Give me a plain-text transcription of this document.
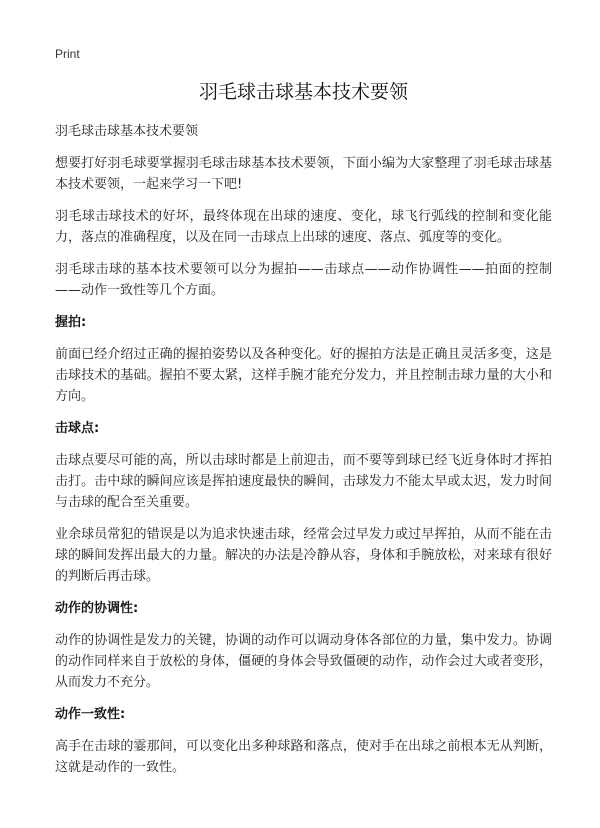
Print
羽毛球击球基本技术要领
羽毛球击球基本技术要领

想要打好羽毛球要掌握羽毛球击球基本技术要领，下面小编为大家整理了羽毛球击球基本技术要领，一起来学习一下吧!

羽毛球击球技术的好坏，最终体现在出球的速度、变化，球飞行弧线的控制和变化能力，落点的准确程度，以及在同一击球点上出球的速度、落点、弧度等的变化。

羽毛球击球的基本技术要领可以分为握拍——击球点——动作协调性——拍面的控制——动作一致性等几个方面。

握拍:

前面已经介绍过正确的握拍姿势以及各种变化。好的握拍方法是正确且灵活多变，这是击球技术的基础。握拍不要太紧，这样手腕才能充分发力，并且控制击球力量的大小和方向。

击球点:

击球点要尽可能的高，所以击球时都是上前迎击，而不要等到球已经飞近身体时才挥拍击打。击中球的瞬间应该是挥拍速度最快的瞬间，击球发力不能太早或太迟，发力时间与击球的配合至关重要。

业余球员常犯的错误是以为追求快速击球，经常会过早发力或过早挥拍，从而不能在击球的瞬间发挥出最大的力量。解决的办法是冷静从容，身体和手腕放松，对来球有很好的判断后再击球。

动作的协调性:

动作的协调性是发力的关键，协调的动作可以调动身体各部位的力量，集中发力。协调的动作同样来自于放松的身体，僵硬的身体会导致僵硬的动作，动作会过大或者变形，从而发力不充分。

动作一致性:

高手在击球的霎那间，可以变化出多种球路和落点，使对手在出球之前根本无从判断，这就是动作的一致性。
